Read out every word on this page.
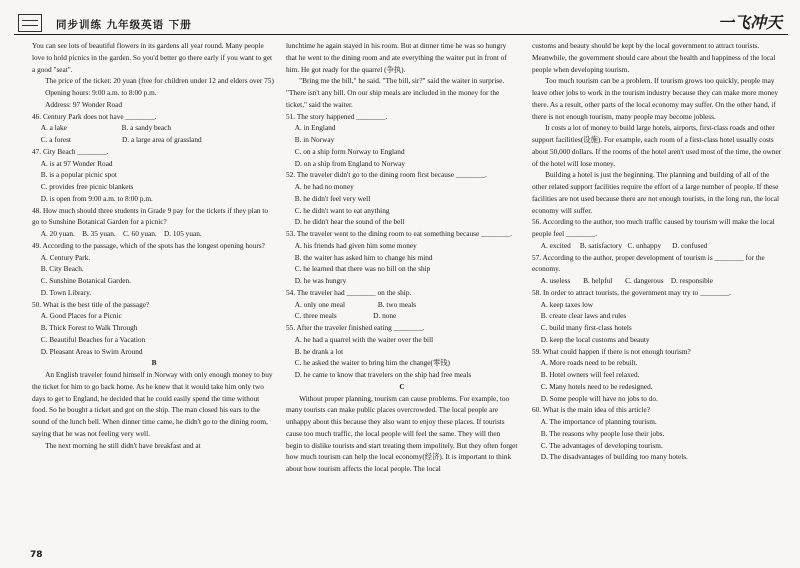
同步训练 九年级英语 下册	一飞冲天

You can see lots of beautiful flowers in its gardens all year round. Many people love to hold picnics in the garden. So you'd better go there early if you want to get a good "seat".

The price of the ticket: 20 yuan (free for children under 12 and elders over 75)

Opening hours: 9:00 a.m. to 8:00 p.m.

Address: 97 Wonder Road

46. Century Park does not have ________.

A. a lake                              B. a sandy beach

C. a forest                            D. a large area of grassland

47. City Beach ________.

A. is at 97 Wonder Road

B. is a popular picnic spot

C. provides free picnic blankets

D. is open from 9:00 a.m. to 8:00 p.m.

48. How much should three students in Grade 9 pay for the tickets if they plan to go to Sunshine Botanical Garden for a picnic?

A. 20 yuan.    B. 35 yuan.    C. 60 yuan.    D. 105 yuan.

49. According to the passage, which of the spots has the longest opening hours?

A. Century Park.

B. City Beach.

C. Sunshine Botanical Garden.

D. Town Library.

50. What is the best title of the passage?

A. Good Places for a Picnic

B. Thick Forest to Walk Through

C. Beautiful Beaches for a Vacation

D. Pleasant Areas to Swim Around

B

An English traveler found himself in Norway with only enough money to buy the ticket for him to go back home. As he knew that it would take him only two days to get to England, he decided that he could easily spend the time without food. So he bought a ticket and got on the ship. The man closed his ears to the sound of the lunch bell. When dinner time came, he didn't go to the dining room, saying that he was not feeling very well.

The next morning he still didn't have breakfast and at

lunchtime he again stayed in his room. But at dinner time he was so hungry that he went to the dining room and ate everything the waiter put in front of him. He got ready for the quarrel (争执).

"Bring me the bill," he said. "The bill, sir?" said the waiter in surprise. "There isn't any bill. On our ship meals are included in the money for the ticket," said the waiter.

51. The story happened ________.

A. in England

B. in Norway

C. on a ship form Norway to England

D. on a ship from England to Norway

52. The traveler didn't go to the dining room first because ________.

A. he had no money

B. he didn't feel very well

C. he didn't want to eat anything

D. he didn't hear the sound of the bell

53. The traveler went to the dining room to eat something because ________.

A. his friends had given him some money

B. the waiter has asked him to change his mind

C. he learned that there was no bill on the ship

D. he was hungry

54. The traveler had ________ on the ship.

A. only one meal                  B. two meals

C. three meals                    D. none

55. After the traveler finished eating ________.

A. he had a quarrel with the waiter over the bill

B. he drank a lot

C. he asked the waiter to bring him the change(零钱)

D. he came to know that travelers on the ship had free meals

C

Without proper planning, tourism can cause problems. For example, too many tourists can make public places overcrowded. The local people are unhappy about this because they also want to enjoy these places. If tourists cause too much traffic, the local people will feel the same. They will then begin to dislike tourists and start treating them impolitely. But they often forget how much tourism can help the local economy(经济). It is important to think about how tourism affects the local people. The local

customs and beauty should be kept by the local government to attract tourists. Meanwhile, the government should care about the health and happiness of the local people when developing tourism.

Too much tourism can be a problem. If tourism grows too quickly, people may leave other jobs to work in the tourism industry because they can make more money there. As a result, other parts of the local economy may suffer. On the other hand, if there is not enough tourism, many people may become jobless.

It costs a lot of money to build large hotels, airports, first-class roads and other support facilities(设施). For example, each room of a first-class hotel usually costs about 50,000 dollars. If the rooms of the hotel aren't used most of the time, the owner of the hotel will lose money.

Building a hotel is just the beginning. The planning and building of all of the other related support facilities require the effort of a large number of people. If these facilities are not used because there are not enough tourists, in the long run, the local economy will suffer.

56. According to the author, too much traffic caused by tourism will make the local people feel ________.

A. excited     B. satisfactory   C. unhappy      D. confused

57. According to the author, proper development of tourism is ________ for the economy.

A. useless       B. helpful       C. dangerous    D. responsible

58. In order to attract tourists, the government may try to ________.

A. keep taxes low

B. create clear laws and rules

C. build many first-class hotels

D. keep the local customs and beauty

59. What could happen if there is not enough tourism?

A. More roads need to be rebuilt.

B. Hotel owners will feel relaxed.

C. Many hotels need to be redesigned.

D. Some people will have no jobs to do.

60. What is the main idea of this article?

A. The importance of planning tourism.

B. The reasons why people lose their jobs.

C. The advantages of developing tourism.

D. The disadvantages of building too many hotels.

78
